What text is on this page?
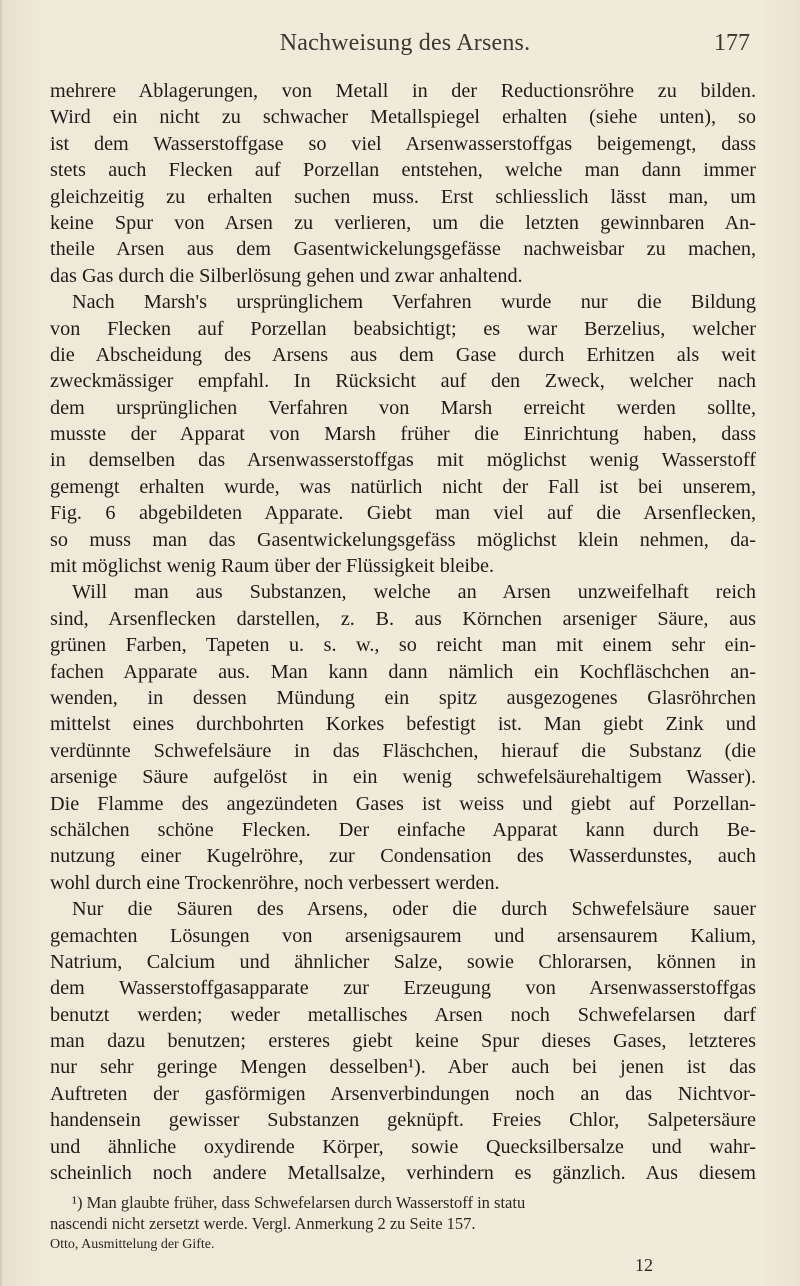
Nachweisung des Arsens.	177
mehrere Ablagerungen, von Metall in der Reductionsröhre zu bilden.
Wird ein nicht zu schwacher Metallspiegel erhalten (siehe unten), so
ist dem Wasserstoffgase so viel Arsenwasserstoffgas beigemengt, dass
stets auch Flecken auf Porzellan entstehen, welche man dann immer
gleichzeitig zu erhalten suchen muss. Erst schliesslich lässt man, um
keine Spur von Arsen zu verlieren, um die letzten gewinnbaren An-
theile Arsen aus dem Gasentwickelungsgefässe nachweisbar zu machen,
das Gas durch die Silberlösung gehen und zwar anhaltend.
Nach Marsh's ursprünglichem Verfahren wurde nur die Bildung
von Flecken auf Porzellan beabsichtigt; es war Berzelius, welcher
die Abscheidung des Arsens aus dem Gase durch Erhitzen als weit
zweckmässiger empfahl. In Rücksicht auf den Zweck, welcher nach
dem ursprünglichen Verfahren von Marsh erreicht werden sollte,
musste der Apparat von Marsh früher die Einrichtung haben, dass
in demselben das Arsenwasserstoffgas mit möglichst wenig Wasserstoff
gemengt erhalten wurde, was natürlich nicht der Fall ist bei unserem,
Fig. 6 abgebildeten Apparate. Giebt man viel auf die Arsenflecken,
so muss man das Gasentwickelungsgefäss möglichst klein nehmen, da-
mit möglichst wenig Raum über der Flüssigkeit bleibe.
Will man aus Substanzen, welche an Arsen unzweifelhaft reich
sind, Arsenflecken darstellen, z. B. aus Körnchen arseniger Säure, aus
grünen Farben, Tapeten u. s. w., so reicht man mit einem sehr ein-
fachen Apparate aus. Man kann dann nämlich ein Kochfläschchen an-
wenden, in dessen Mündung ein spitz ausgezogenes Glasröhrchen
mittelst eines durchbohrten Korkes befestigt ist. Man giebt Zink und
verdünnte Schwefelsäure in das Fläschchen, hierauf die Substanz (die
arsenige Säure aufgelöst in ein wenig schwefelsäurehaltigem Wasser).
Die Flamme des angezündeten Gases ist weiss und giebt auf Porzellan-
schälchen schöne Flecken. Der einfache Apparat kann durch Be-
nutzung einer Kugelröhre, zur Condensation des Wasserdunstes, auch
wohl durch eine Trockenröhre, noch verbessert werden.
Nur die Säuren des Arsens, oder die durch Schwefelsäure sauer
gemachten Lösungen von arsenigsaurem und arsensaurem Kalium,
Natrium, Calcium und ähnlicher Salze, sowie Chlorarsen, können in
dem Wasserstoffgasapparate zur Erzeugung von Arsenwasserstoffgas
benutzt werden; weder metallisches Arsen noch Schwefelarsen darf
man dazu benutzen; ersteres giebt keine Spur dieses Gases, letzteres
nur sehr geringe Mengen desselben¹). Aber auch bei jenen ist das
Auftreten der gasförmigen Arsenverbindungen noch an das Nichtvor-
handensein gewisser Substanzen geknüpft. Freies Chlor, Salpetersäure
und ähnliche oxydirende Körper, sowie Quecksilbersalze und wahr-
scheinlich noch andere Metallsalze, verhindern es gänzlich. Aus diesem
¹) Man glaubte früher, dass Schwefelarsen durch Wasserstoff in statu
nascendi nicht zersetzt werde. Vergl. Anmerkung 2 zu Seite 157.
Otto, Ausmittelung der Gifte.
12
